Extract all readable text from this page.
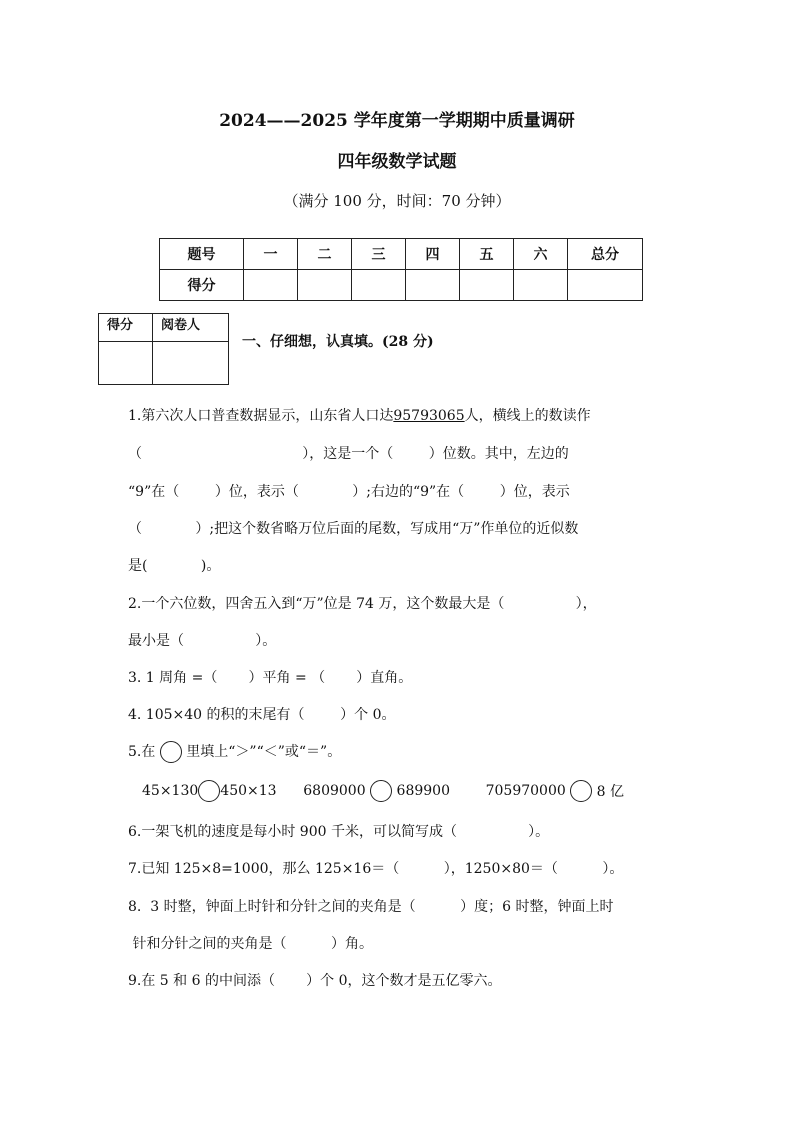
2024——2025 学年度第一学期期中质量调研
四年级数学试题
（满分 100 分，时间：70 分钟）
题号	一	二	三	四	五	六	总分
得分							
得分	阅卷人

一、仔细想，认真填。(28 分)
1.第六次人口普查数据显示，山东省人口达95793065人，横线上的数读作
（                                    ），这是一个（        ）位数。其中，左边的
“9”在（        ）位，表示（            ）;右边的“9”在（        ）位，表示
（            ）;把这个数省略万位后面的尾数，写成用“万”作单位的近似数
是(            )。
2.一个六位数，四舍五入到“万”位是 74 万，这个数最大是（                ），
最小是（                ）。
3. 1 周角 =（       ）平角 = （       ）直角。
4. 105×40 的积的末尾有（        ）个 0。
5.在 里填上“＞”“＜”或“＝”。
45×130 450×13 6809000 689900	705970000 8 亿
6.一架飞机的速度是每小时 900 千米，可以简写成（                ）。
7.已知 125×8=1000，那么 125×16＝（          ），1250×80＝（          ）。
8.  3 时整，钟面上时针和分针之间的夹角是（          ）度；6 时整，钟面上时
针和分针之间的夹角是（          ）角。
9.在 5 和 6 的中间添（       ）个 0，这个数才是五亿零六。
